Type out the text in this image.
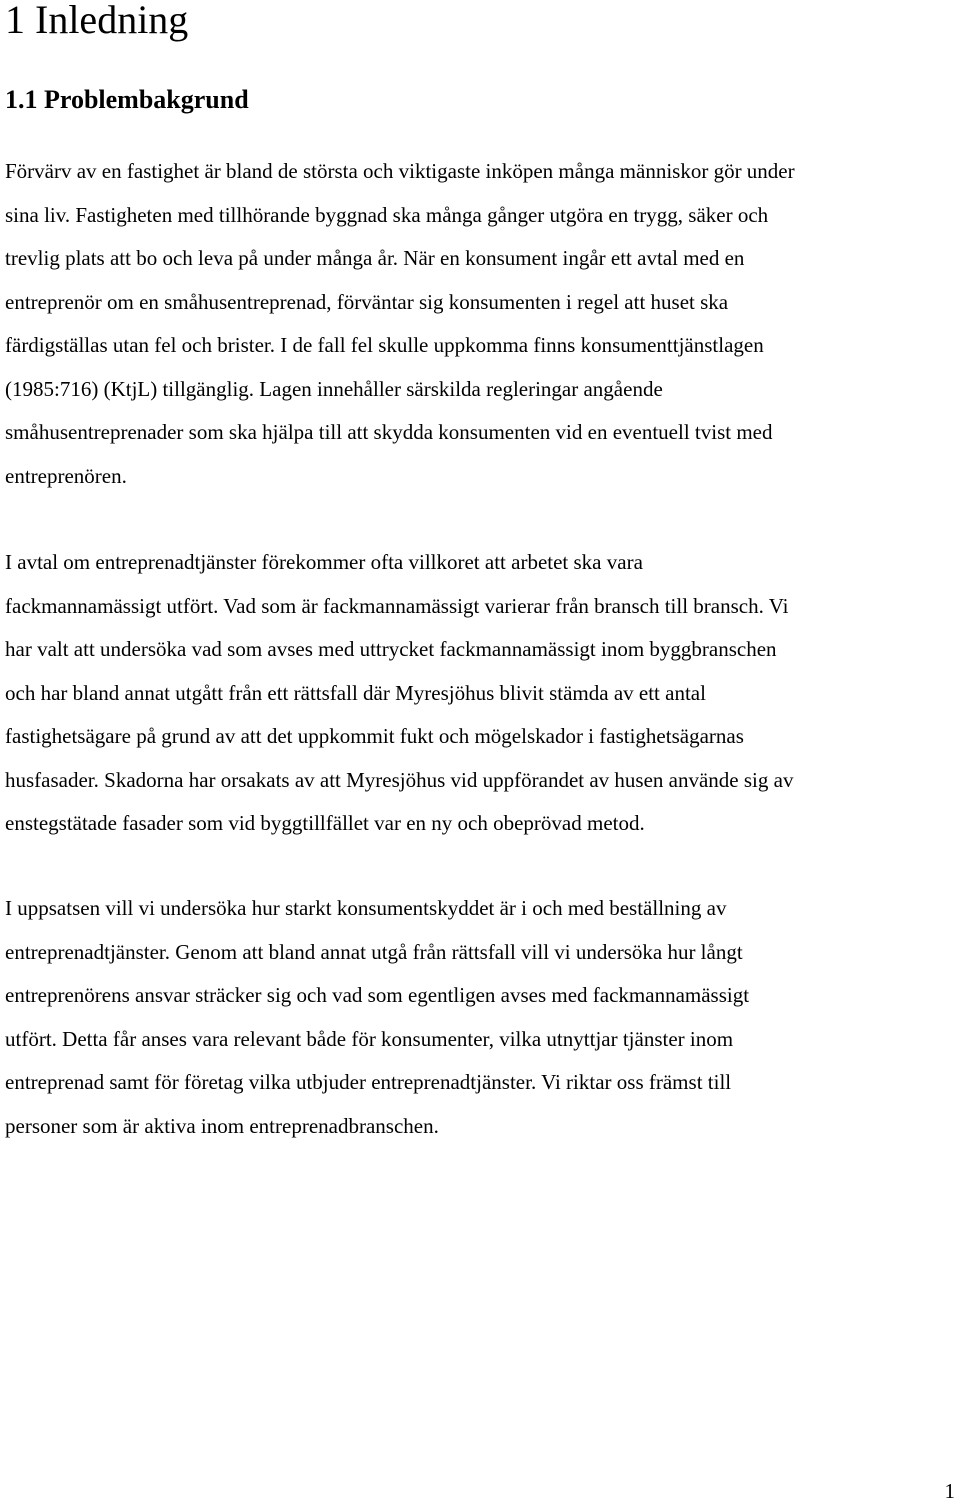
1 Inledning
1.1 Problembakgrund

Förvärv av en fastighet är bland de största och viktigaste inköpen många människor gör under
sina liv. Fastigheten med tillhörande byggnad ska många gånger utgöra en trygg, säker och
trevlig plats att bo och leva på under många år. När en konsument ingår ett avtal med en
entreprenör om en småhusentreprenad, förväntar sig konsumenten i regel att huset ska
färdigställas utan fel och brister. I de fall fel skulle uppkomma finns konsumenttjänstlagen
(1985:716) (KtjL) tillgänglig. Lagen innehåller särskilda regleringar angående
småhusentreprenader som ska hjälpa till att skydda konsumenten vid en eventuell tvist med
entreprenören.

I avtal om entreprenadtjänster förekommer ofta villkoret att arbetet ska vara
fackmannamässigt utfört. Vad som är fackmannamässigt varierar från bransch till bransch. Vi
har valt att undersöka vad som avses med uttrycket fackmannamässigt inom byggbranschen
och har bland annat utgått från ett rättsfall där Myresjöhus blivit stämda av ett antal
fastighetsägare på grund av att det uppkommit fukt och mögelskador i fastighetsägarnas
husfasader. Skadorna har orsakats av att Myresjöhus vid uppförandet av husen använde sig av
enstegstätade fasader som vid byggtillfället var en ny och obeprövad metod.

I uppsatsen vill vi undersöka hur starkt konsumentskyddet är i och med beställning av
entreprenadtjänster. Genom att bland annat utgå från rättsfall vill vi undersöka hur långt
entreprenörens ansvar sträcker sig och vad som egentligen avses med fackmannamässigt
utfört. Detta får anses vara relevant både för konsumenter, vilka utnyttjar tjänster inom
entreprenad samt för företag vilka utbjuder entreprenadtjänster. Vi riktar oss främst till
personer som är aktiva inom entreprenadbranschen.

1
